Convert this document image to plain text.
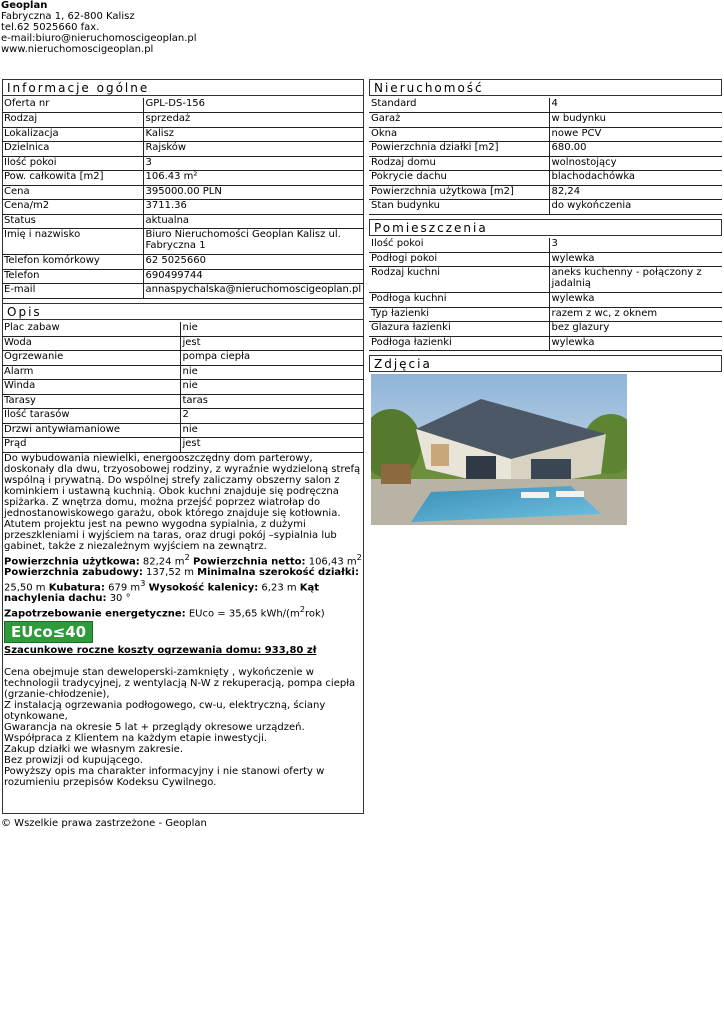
Geoplan
Fabryczna 1, 62-800 Kalisz
tel.62 5025660 fax.
e-mail:biuro@nieruchomoscigeoplan.pl
www.nieruchomoscigeoplan.pl
Informacje ogólne
Oferta nr	GPL-DS-156
Rodzaj	sprzedaż
Lokalizacja	Kalisz
Dzielnica	Rajsków
Ilość pokoi	3
Pow. całkowita [m2]	106.43 m²
Cena	395000.00 PLN
Cena/m2	3711.36
Status	aktualna
Imię i nazwisko	Biuro Nieruchomości Geoplan Kalisz ul. Fabryczna 1
Telefon komórkowy	62 5025660
Telefon	690499744
E-mail	annaspychalska@nieruchomoscigeoplan.pl
Opis
Plac zabaw	nie
Woda	jest
Ogrzewanie	pompa ciepła
Alarm	nie
Winda	nie
Tarasy	taras
Ilość tarasów	2
Drzwi antywłamaniowe	nie
Prąd	jest
Do wybudowania niewielki, energooszczędny dom parterowy, doskonały dla dwu, trzyosobowej rodziny, z wyraźnie wydzieloną strefą wspólną i prywatną. Do wspólnej strefy zaliczamy obszerny salon z kominkiem i ustawną kuchnią. Obok kuchni znajduje się podręczna spiżarka. Z wnętrza domu, można przejść poprzez wiatrołap do jednostanowiskowego garażu, obok którego znajduje się kotłownia. Atutem projektu jest na pewno wygodna sypialnia, z dużymi przeszkleniami i wyjściem na taras, oraz drugi pokój –sypialnia lub gabinet, także z niezależnym wyjściem na zewnątrz.
Powierzchnia użytkowa: 82,24 $m^2$ Powierzchnia netto: 106,43 $m^2$ Powierzchnia zabudowy: 137,52 m Minimalna szerokość działki: 25,50 m Kubatura: 679 $m^3$ Wysokość kalenicy: 6,23 m Kąt nachylenia dachu: 30 °
Zapotrzebowanie energetyczne: EUco = 35,65 kWh/$(m^2rok)$
EUco≤40
Szacunkowe roczne koszty ogrzewania domu: 933,80 zł
Cena obejmuje stan deweloperski-zamknięty , wykończenie w technologii tradycyjnej, z wentylacją N-W z rekuperacją, pompa ciepła (grzanie-chłodzenie),
Z instalacją ogrzewania podłogowego, cw-u, elektryczną, ściany otynkowane,
Gwarancja na okresie 5 lat + przeglądy okresowe urządzeń.
Współpraca z Klientem na każdym etapie inwestycji.
Zakup działki we własnym zakresie.
Bez prowizji od kupującego.
Powyższy opis ma charakter informacyjny i nie stanowi oferty w rozumieniu przepisów Kodeksu Cywilnego.
Nieruchomość
Standard	4
Garaż	w budynku
Okna	nowe PCV
Powierzchnia działki [m2]	680.00
Rodzaj domu	wolnostojący
Pokrycie dachu	blachodachówka
Powierzchnia użytkowa [m2]	82,24
Stan budynku	do wykończenia
Pomieszczenia
Ilość pokoi	3
Podłogi pokoi	wylewka
Rodzaj kuchni	aneks kuchenny - połączony z jadalnią
Podłoga kuchni	wylewka
Typ łazienki	razem z wc, z oknem
Glazura łazienki	bez glazury
Podłoga łazienki	wylewka
Zdjęcia
© Wszelkie prawa zastrzeżone - Geoplan
